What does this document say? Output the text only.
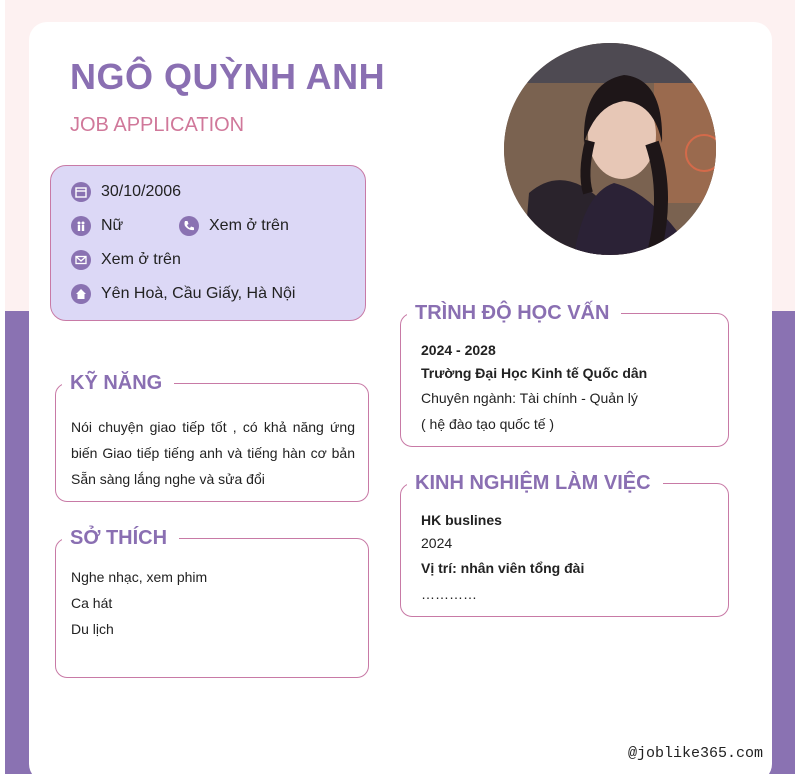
NGÔ QUỲNH ANH
JOB APPLICATION
30/10/2006
Nữ	Xem ở trên
Xem ở trên
Yên Hoà, Cầu Giấy, Hà Nội
KỸ NĂNG
Nói chuyện giao tiếp tốt , có khả năng ứng biến Giao tiếp tiếng anh và tiếng hàn cơ bản Sẵn sàng lắng nghe và sửa đổi
SỞ THÍCH
Nghe nhạc, xem phim
Ca hát
Du lịch
TRÌNH ĐỘ HỌC VẤN
2024 - 2028
Trường Đại Học Kinh tế Quốc dân
Chuyên ngành: Tài chính - Quản lý
( hệ đào tạo quốc tế )
KINH NGHIỆM LÀM VIỆC
HK buslines
2024
Vị trí: nhân viên tổng đài
…………
@joblike365.com
